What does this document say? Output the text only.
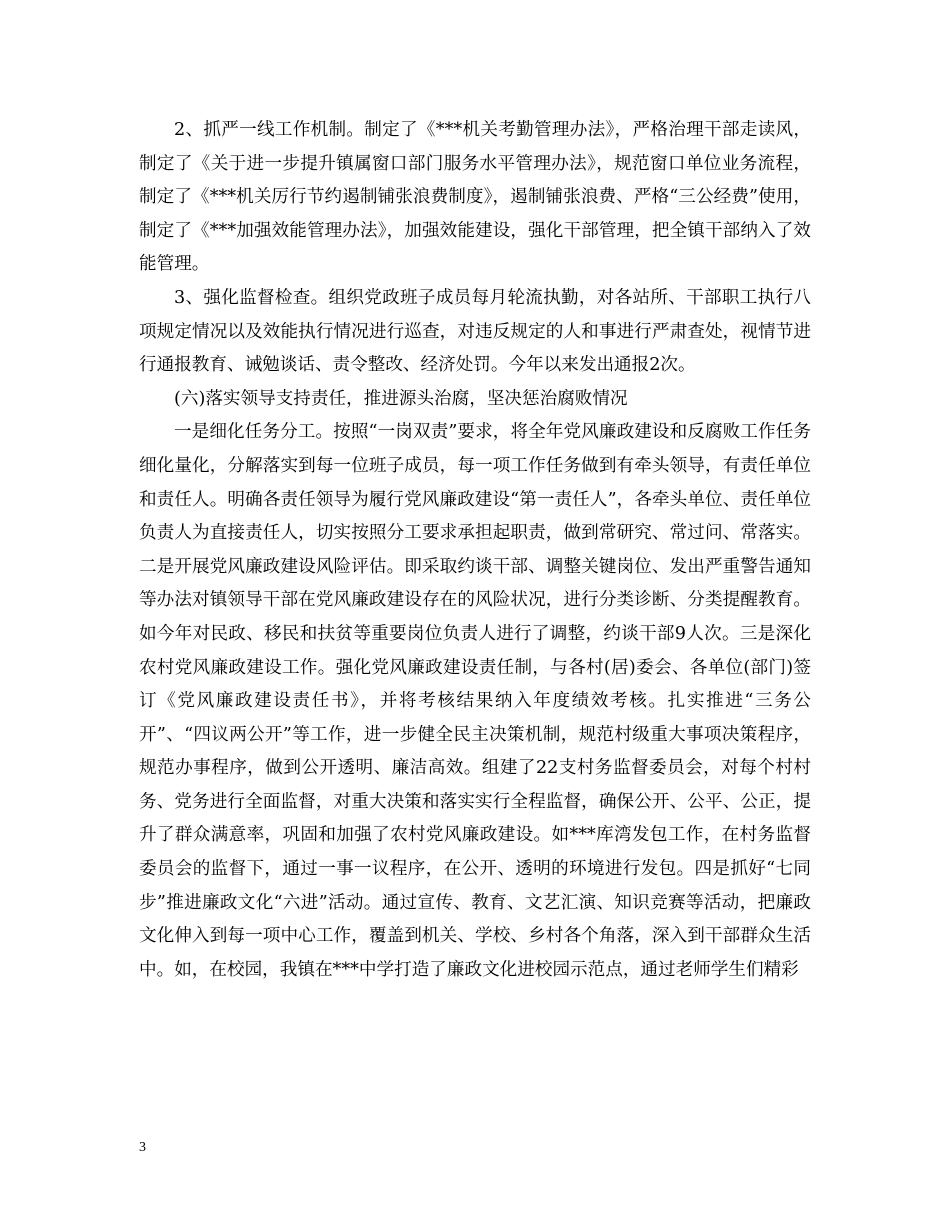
2、抓严一线工作机制。制定了《***机关考勤管理办法》，严格治理干部走读风，制定了《关于进一步提升镇属窗口部门服务水平管理办法》，规范窗口单位业务流程，制定了《***机关厉行节约遏制铺张浪费制度》，遏制铺张浪费、严格“三公经费”使用，制定了《***加强效能管理办法》，加强效能建设，强化干部管理，把全镇干部纳入了效能管理。

3、强化监督检查。组织党政班子成员每月轮流执勤，对各站所、干部职工执行八项规定情况以及效能执行情况进行巡查，对违反规定的人和事进行严肃查处，视情节进行通报教育、诫勉谈话、责令整改、经济处罚。今年以来发出通报2次。

(六)落实领导支持责任，推进源头治腐，坚决惩治腐败情况

一是细化任务分工。按照“一岗双责”要求，将全年党风廉政建设和反腐败工作任务细化量化，分解落实到每一位班子成员，每一项工作任务做到有牵头领导，有责任单位和责任人。明确各责任领导为履行党风廉政建设“第一责任人”，各牵头单位、责任单位负责人为直接责任人，切实按照分工要求承担起职责，做到常研究、常过问、常落实。二是开展党风廉政建设风险评估。即采取约谈干部、调整关键岗位、发出严重警告通知等办法对镇领导干部在党风廉政建设存在的风险状况，进行分类诊断、分类提醒教育。如今年对民政、移民和扶贫等重要岗位负责人进行了调整，约谈干部9人次。三是深化农村党风廉政建设工作。强化党风廉政建设责任制，与各村(居)委会、各单位(部门)签订《党风廉政建设责任书》，并将考核结果纳入年度绩效考核。扎实推进“三务公开”、“四议两公开”等工作，进一步健全民主决策机制，规范村级重大事项决策程序，规范办事程序，做到公开透明、廉洁高效。组建了22支村务监督委员会，对每个村村务、党务进行全面监督，对重大决策和落实实行全程监督，确保公开、公平、公正，提升了群众满意率，巩固和加强了农村党风廉政建设。如***库湾发包工作，在村务监督委员会的监督下，通过一事一议程序，在公开、透明的环境进行发包。四是抓好“七同步”推进廉政文化“六进”活动。通过宣传、教育、文艺汇演、知识竞赛等活动，把廉政文化伸入到每一项中心工作，覆盖到机关、学校、乡村各个角落，深入到干部群众生活中。如，在校园，我镇在***中学打造了廉政文化进校园示范点，通过老师学生们精彩

3
